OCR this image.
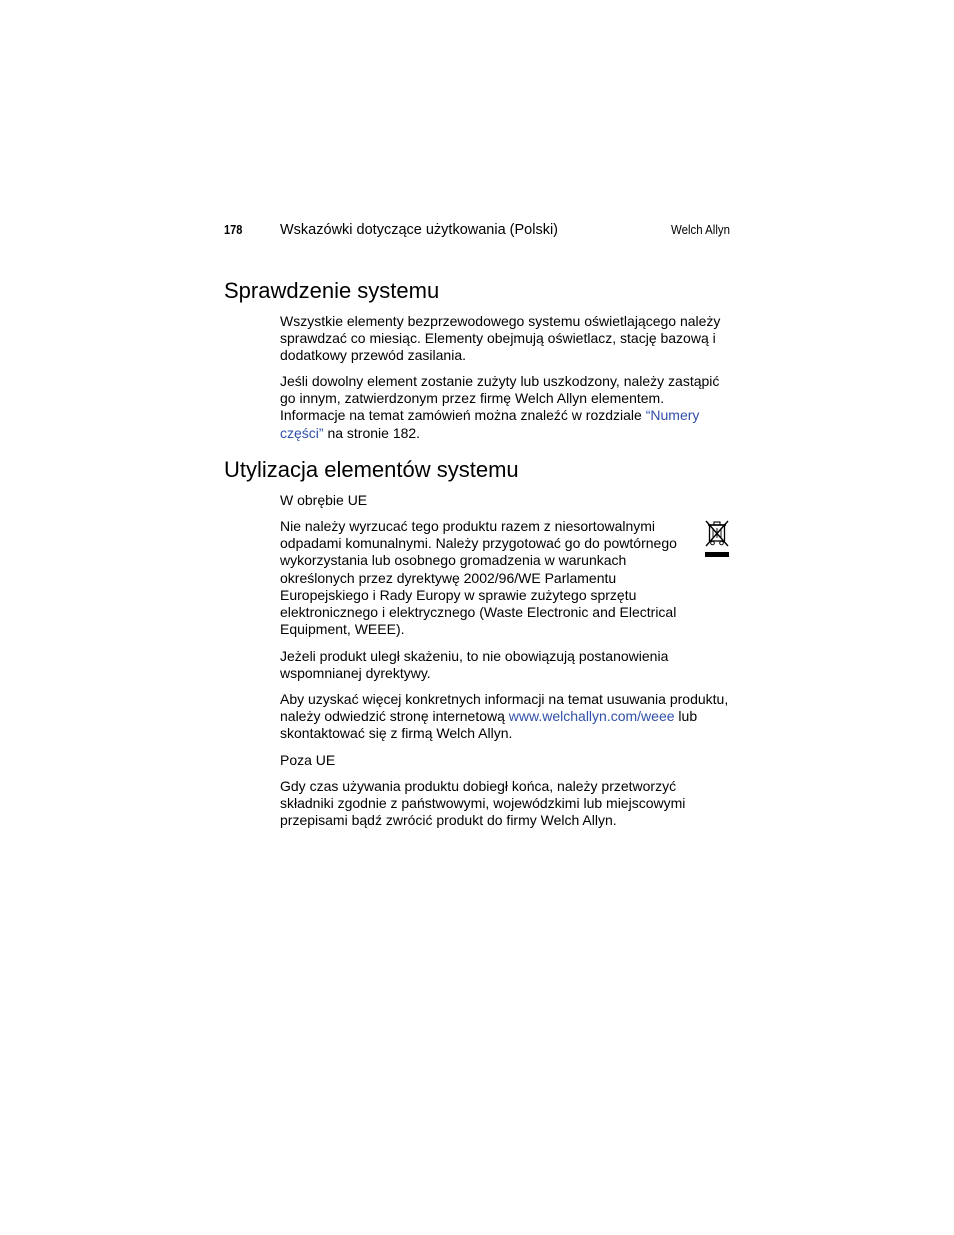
178	Wskazówki dotyczące użytkowania (Polski)	Welch Allyn
Sprawdzenie systemu

Wszystkie elementy bezprzewodowego systemu oświetlającego należy sprawdzać co miesiąc. Elementy obejmują oświetlacz, stację bazową i dodatkowy przewód zasilania.

Jeśli dowolny element zostanie zużyty lub uszkodzony, należy zastąpić go innym, zatwierdzonym przez firmę Welch Allyn elementem. Informacje na temat zamówień można znaleźć w rozdziale “Numery części” na stronie 182.

Utylizacja elementów systemu

W obrębie UE

Nie należy wyrzucać tego produktu razem z niesortowalnymi odpadami komunalnymi. Należy przygotować go do powtórnego wykorzystania lub osobnego gromadzenia w warunkach określonych przez dyrektywę 2002/96/WE Parlamentu Europejskiego i Rady Europy w sprawie zużytego sprzętu elektronicznego i elektrycznego (Waste Electronic and Electrical Equipment, WEEE).

Jeżeli produkt uległ skażeniu, to nie obowiązują postanowienia wspomnianej dyrektywy.

Aby uzyskać więcej konkretnych informacji na temat usuwania produktu, należy odwiedzić stronę internetową www.welchallyn.com/weee lub skontaktować się z firmą Welch Allyn.

Poza UE

Gdy czas używania produktu dobiegł końca, należy przetworzyć składniki zgodnie z państwowymi, wojewódzkimi lub miejscowymi przepisami bądź zwrócić produkt do firmy Welch Allyn.
